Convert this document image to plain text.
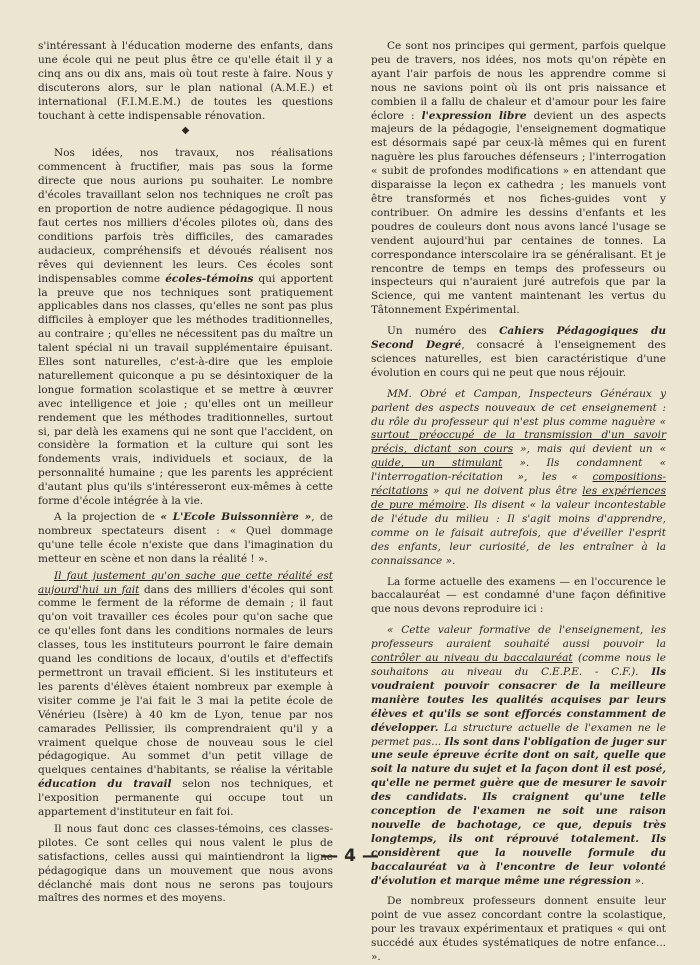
s'intéressant à l'éducation moderne des enfants, dans une école qui ne peut plus être ce qu'elle était il y a cinq ans ou dix ans, mais où tout reste à faire. Nous y discuterons alors, sur le plan national (A.M.E.) et international (F.I.M.E.M.) de toutes les questions touchant à cette indispensable rénovation.

◆

Nos idées, nos travaux, nos réalisations commencent à fructifier, mais pas sous la forme directe que nous aurions pu souhaiter. Le nombre d'écoles travaillant selon nos techniques ne croît pas en proportion de notre audience pédagogique. Il nous faut certes nos milliers d'écoles pilotes où, dans des conditions parfois très difficiles, des camarades audacieux, compréhensifs et dévoués réalisent nos rêves qui deviennent les leurs. Ces écoles sont indispensables comme écoles-témoins qui apportent la preuve que nos techniques sont pratiquement applicables dans nos classes, qu'elles ne sont pas plus difficiles à employer que les méthodes traditionnelles, au contraire ; qu'elles ne nécessitent pas du maître un talent spécial ni un travail supplémentaire épuisant. Elles sont naturelles, c'est-à-dire que les emploie naturellement quiconque a pu se désintoxiquer de la longue formation scolastique et se mettre à œuvrer avec intelligence et joie ; qu'elles ont un meilleur rendement que les méthodes traditionnelles, surtout si, par delà les examens qui ne sont que l'accident, on considère la formation et la culture qui sont les fondements vrais, individuels et sociaux, de la personnalité humaine ; que les parents les apprécient d'autant plus qu'ils s'intéresseront eux-mêmes à cette forme d'école intégrée à la vie.

A la projection de « L'Ecole Buissonnière », de nombreux spectateurs disent : « Quel dommage qu'une telle école n'existe que dans l'imagination du metteur en scène et non dans la réalité ! ».

Il faut justement qu'on sache que cette réalité est aujourd'hui un fait dans des milliers d'écoles qui sont comme le ferment de la réforme de demain ; il faut qu'on voit travailler ces écoles pour qu'on sache que ce qu'elles font dans les conditions normales de leurs classes, tous les instituteurs pourront le faire demain quand les conditions de locaux, d'outils et d'effectifs permettront un travail efficient. Si les instituteurs et les parents d'élèves étaient nombreux par exemple à visiter comme je l'ai fait le 3 mai la petite école de Vénérieu (Isère) à 40 km de Lyon, tenue par nos camarades Pellissier, ils comprendraient qu'il y a vraiment quelque chose de nouveau sous le ciel pédagogique. Au sommet d'un petit village de quelques centaines d'habitants, se réalise la véritable éducation du travail selon nos techniques, et l'exposition permanente qui occupe tout un appartement d'instituteur en fait foi.

Il nous faut donc ces classes-témoins, ces classes-pilotes. Ce sont celles qui nous valent le plus de satisfactions, celles aussi qui maintiendront la ligne pédagogique dans un mouvement que nous avons déclanché mais dont nous ne serons pas toujours maîtres des normes et des moyens.

Ce sont nos principes qui germent, parfois quelque peu de travers, nos idées, nos mots qu'on répète en ayant l'air parfois de nous les apprendre comme si nous ne savions point où ils ont pris naissance et combien il a fallu de chaleur et d'amour pour les faire éclore : l'expression libre devient un des aspects majeurs de la pédagogie, l'enseignement dogmatique est désormais sapé par ceux-là mêmes qui en furent naguère les plus farouches défenseurs ; l'interrogation « subit de profondes modifications » en attendant que disparaisse la leçon ex cathedra ; les manuels vont être transformés et nos fiches-guides vont y contribuer. On admire les dessins d'enfants et les poudres de couleurs dont nous avons lancé l'usage se vendent aujourd'hui par centaines de tonnes. La correspondance interscolaire ira se généralisant. Et je rencontre de temps en temps des professeurs ou inspecteurs qui n'auraient juré autrefois que par la Science, qui me vantent maintenant les vertus du Tâtonnement Expérimental.

Un numéro des Cahiers Pédagogiques du Second Degré, consacré à l'enseignement des sciences naturelles, est bien caractéristique d'une évolution en cours qui ne peut que nous réjouir.

MM. Obré et Campan, Inspecteurs Généraux y parlent des aspects nouveaux de cet enseignement : du rôle du professeur qui n'est plus comme naguère « surtout préoccupé de la transmission d'un savoir précis, dictant son cours », mais qui devient un « guide, un stimulant ». Ils condamnent « l'interrogation-récitation », les « compositions-récitations » qui ne doivent plus être les expériences de pure mémoire. Ils disent « la valeur incontestable de l'étude du milieu : Il s'agit moins d'apprendre, comme on le faisait autrefois, que d'éveiller l'esprit des enfants, leur curiosité, de les entraîner à la connaissance ».

La forme actuelle des examens — en l'occurence le baccalauréat — est condamné d'une façon définitive que nous devons reproduire ici :

« Cette valeur formative de l'enseignement, les professeurs auraient souhaité aussi pouvoir la contrôler au niveau du baccalauréat (comme nous le souhaitons au niveau du C.E.P.E. - C.F.). Ils voudraient pouvoir consacrer de la meilleure manière toutes les qualités acquises par leurs élèves et qu'ils se sont efforcés constamment de développer. La structure actuelle de l'examen ne le permet pas... Ils sont dans l'obligation de juger sur une seule épreuve écrite dont on sait, quelle que soit la nature du sujet et la façon dont il est posé, qu'elle ne permet guère que de mesurer le savoir des candidats. Ils craignent qu'une telle conception de l'examen ne soit une raison nouvelle de bachotage, ce que, depuis très longtemps, ils ont réprouvé totalement. Ils considèrent que la nouvelle formule du baccalauréat va à l'encontre de leur volonté d'évolution et marque même une régression ».

De nombreux professeurs donnent ensuite leur point de vue assez concordant contre la scolastique, pour les travaux expérimentaux et pratiques « qui ont succédé aux études systématiques de notre enfance... ».

— 4 —
